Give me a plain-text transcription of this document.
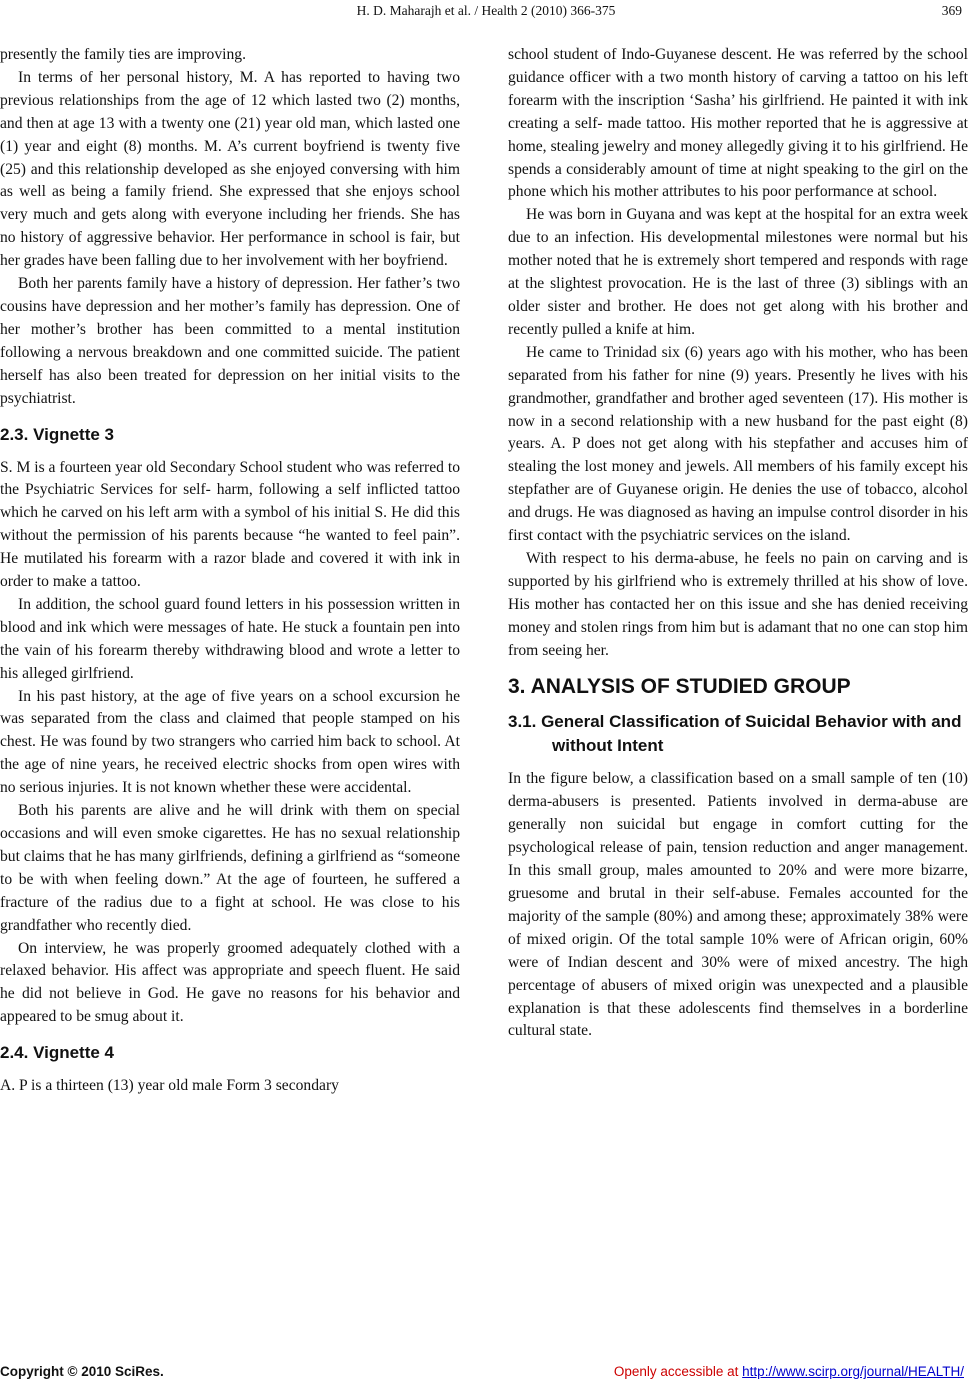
H. D. Maharajh et al. / Health 2 (2010) 366-375	369

presently the family ties are improving.

In terms of her personal history, M. A has reported to having two previous relationships from the age of 12 which lasted two (2) months, and then at age 13 with a twenty one (21) year old man, which lasted one (1) year and eight (8) months. M. A’s current boyfriend is twenty five (25) and this relationship developed as she enjoyed conversing with him as well as being a family friend. She expressed that she enjoys school very much and gets along with everyone including her friends. She has no history of aggressive behavior. Her performance in school is fair, but her grades have been falling due to her involvement with her boyfriend.

Both her parents family have a history of depression. Her father’s two cousins have depression and her mother’s family has depression. One of her mother’s brother has been committed to a mental institution following a nervous breakdown and one committed suicide. The patient herself has also been treated for depression on her initial visits to the psychiatrist.

2.3. Vignette 3

S. M is a fourteen year old Secondary School student who was referred to the Psychiatric Services for self- harm, following a self inflicted tattoo which he carved on his left arm with a symbol of his initial S. He did this without the permission of his parents because “he wanted to feel pain”. He mutilated his forearm with a razor blade and covered it with ink in order to make a tattoo.

In addition, the school guard found letters in his possession written in blood and ink which were messages of hate. He stuck a fountain pen into the vain of his forearm thereby withdrawing blood and wrote a letter to his alleged girlfriend.

In his past history, at the age of five years on a school excursion he was separated from the class and claimed that people stamped on his chest. He was found by two strangers who carried him back to school. At the age of nine years, he received electric shocks from open wires with no serious injuries. It is not known whether these were accidental.

Both his parents are alive and he will drink with them on special occasions and will even smoke cigarettes. He has no sexual relationship but claims that he has many girlfriends, defining a girlfriend as “someone to be with when feeling down.” At the age of fourteen, he suffered a fracture of the radius due to a fight at school. He was close to his grandfather who recently died.

On interview, he was properly groomed adequately clothed with a relaxed behavior. His affect was appropriate and speech fluent. He said he did not believe in God. He gave no reasons for his behavior and appeared to be smug about it.

2.4. Vignette 4

A. P is a thirteen (13) year old male Form 3 secondary

school student of Indo-Guyanese descent. He was referred by the school guidance officer with a two month history of carving a tattoo on his left forearm with the inscription ‘Sasha’ his girlfriend. He painted it with ink creating a self- made tattoo. His mother reported that he is aggressive at home, stealing jewelry and money allegedly giving it to his girlfriend. He spends a considerably amount of time at night speaking to the girl on the phone which his mother attributes to his poor performance at school.

He was born in Guyana and was kept at the hospital for an extra week due to an infection. His developmental milestones were normal but his mother noted that he is extremely short tempered and responds with rage at the slightest provocation. He is the last of three (3) siblings with an older sister and brother. He does not get along with his brother and recently pulled a knife at him.

He came to Trinidad six (6) years ago with his mother, who has been separated from his father for nine (9) years. Presently he lives with his grandmother, grandfather and brother aged seventeen (17). His mother is now in a second relationship with a new husband for the past eight (8) years. A. P does not get along with his stepfather and accuses him of stealing the lost money and jewels. All members of his family except his stepfather are of Guyanese origin. He denies the use of tobacco, alcohol and drugs. He was diagnosed as having an impulse control disorder in his first contact with the psychiatric services on the island.

With respect to his derma-abuse, he feels no pain on carving and is supported by his girlfriend who is extremely thrilled at his show of love. His mother has contacted her on this issue and she has denied receiving money and stolen rings from him but is adamant that no one can stop him from seeing her.

3. ANALYSIS OF STUDIED GROUP
3.1. General Classification of Suicidal Behavior with and without Intent

In the figure below, a classification based on a small sample of ten (10) derma-abusers is presented. Patients involved in derma-abuse are generally non suicidal but engage in comfort cutting for the psychological release of pain, tension reduction and anger management. In this small group, males amounted to 20% and were more bizarre, gruesome and brutal in their self-abuse. Females accounted for the majority of the sample (80%) and among these; approximately 38% were of mixed origin. Of the total sample 10% were of African origin, 60% were of Indian descent and 30% were of mixed ancestry. The high percentage of abusers of mixed origin was unexpected and a plausible explanation is that these adolescents find themselves in a borderline cultural state.

Copyright © 2010 SciRes.	Openly accessible at http://www.scirp.org/journal/HEALTH/
